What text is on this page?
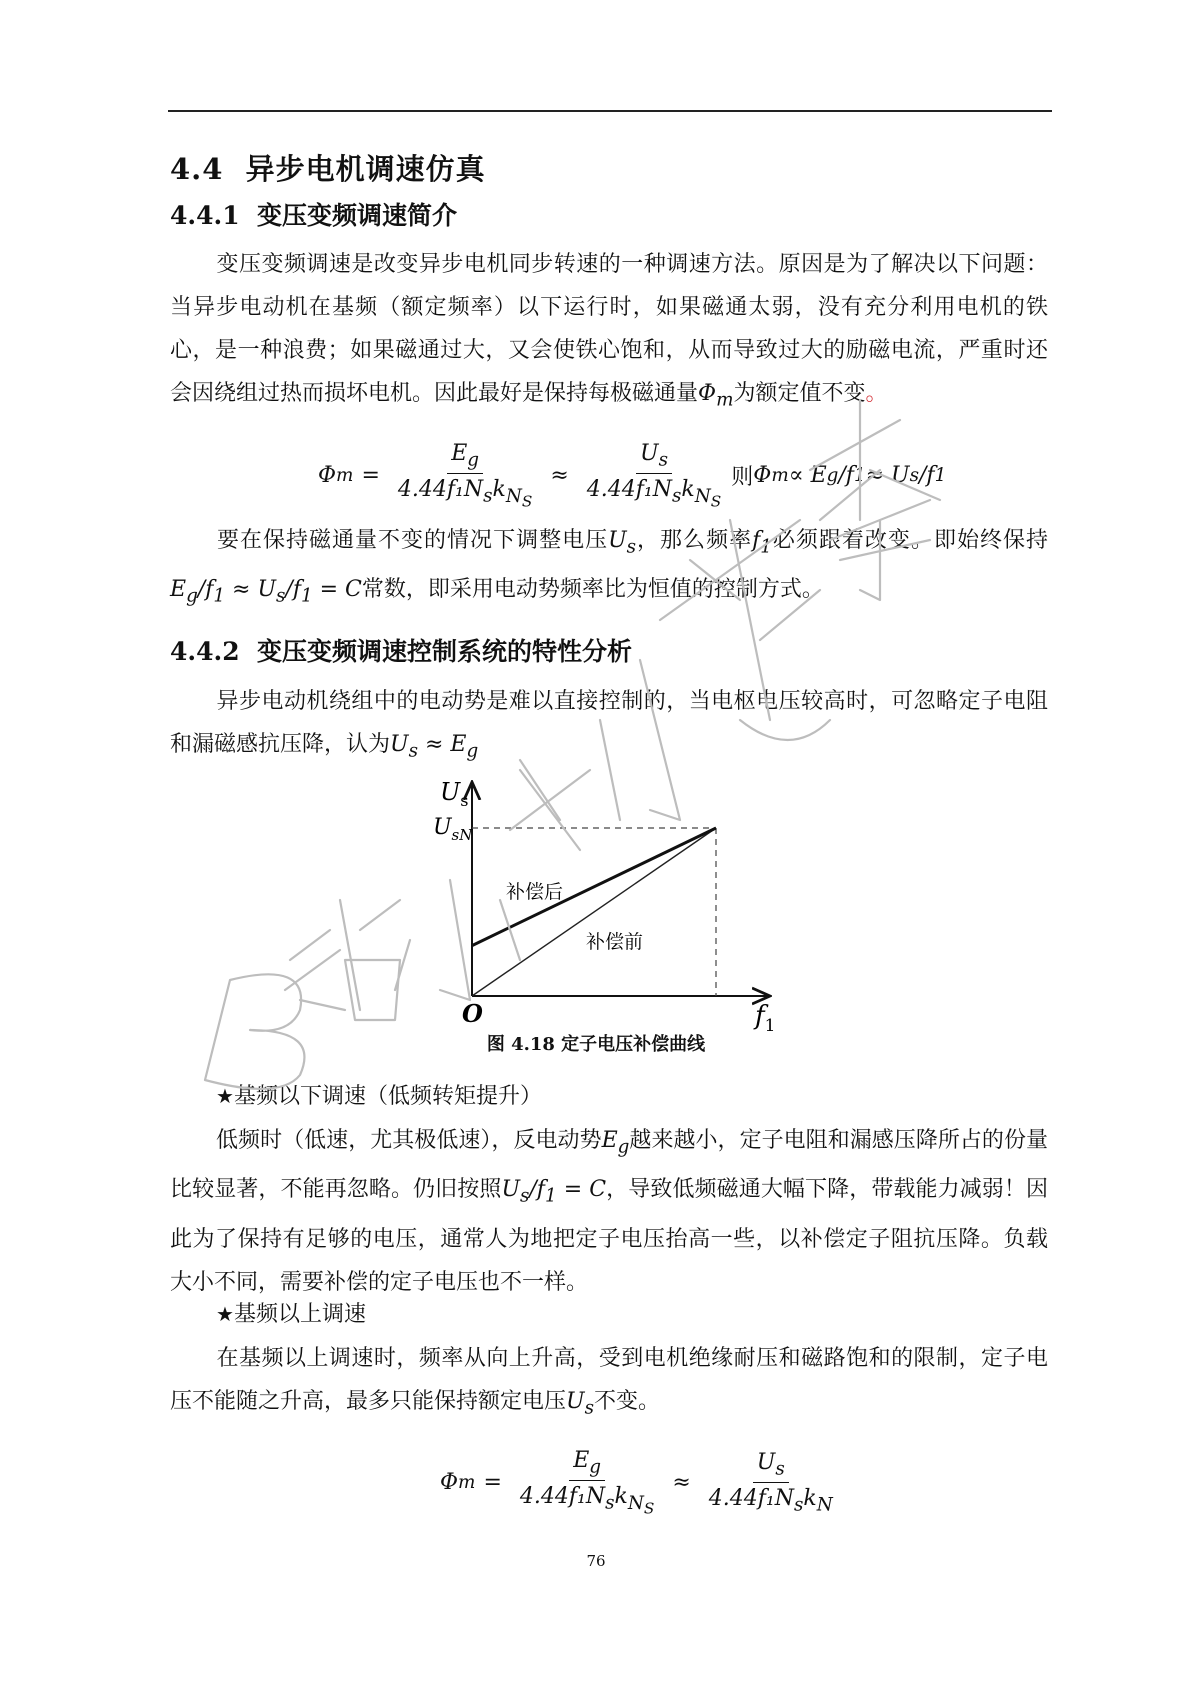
4.4 异步电机调速仿真
4.4.1 变压变频调速简介
变压变频调速是改变异步电机同步转速的一种调速方法。原因是为了解决以下问题：当异步电动机在基频（额定频率）以下运行时，如果磁通太弱，没有充分利用电机的铁心，是一种浪费；如果磁通过大，又会使铁心饱和，从而导致过大的励磁电流，严重时还会因绕组过热而损坏电机。因此最好是保持每极磁通量$\Phi_m$为额定值不变。
Φ $m = \frac{E_g}{4.44f_1N_sk_{N_S}} \approx \frac{U_s}{4.44f_1N_sk_{N_S}}$ 则 Φ m ∝ E g /f 1 ≈ U s /f 1
要在保持磁通量不变的情况下调整电压$U_s$，那么频率$f_1$必须跟着改变。即始终保持$E_g/f_1 \approx U_s/f_1 = C$常数，即采用电动势频率比为恒值的控制方式。
4.4.2 变压变频调速控制系统的特性分析
异步电动机绕组中的电动势是难以直接控制的，当电枢电压较高时，可忽略定子电阻和漏磁感抗压降，认为$U_s \approx E_g$
$U_s$
$U_{sN}$
O	$f_1$
补偿后
补偿前
图 4.18 定子电压补偿曲线
★基频以下调速（低频转矩提升）
低频时（低速，尤其极低速），反电动势$E_g$越来越小，定子电阻和漏感压降所占的份量比较显著，不能再忽略。仍旧按照$U_s/f_1 = C$，导致低频磁通大幅下降，带载能力减弱！因此为了保持有足够的电压，通常人为地把定子电压抬高一些，以补偿定子阻抗压降。负载大小不同，需要补偿的定子电压也不一样。
★基频以上调速
在基频以上调速时，频率从向上升高，受到电机绝缘耐压和磁路饱和的限制，定子电压不能随之升高，最多只能保持额定电压$U_s$不变。
Φ $m = \frac{E_g}{4.44f_1N_sk_{N_S}} \approx \frac{U_s}{4.44f_1N_sk_N}$
76
